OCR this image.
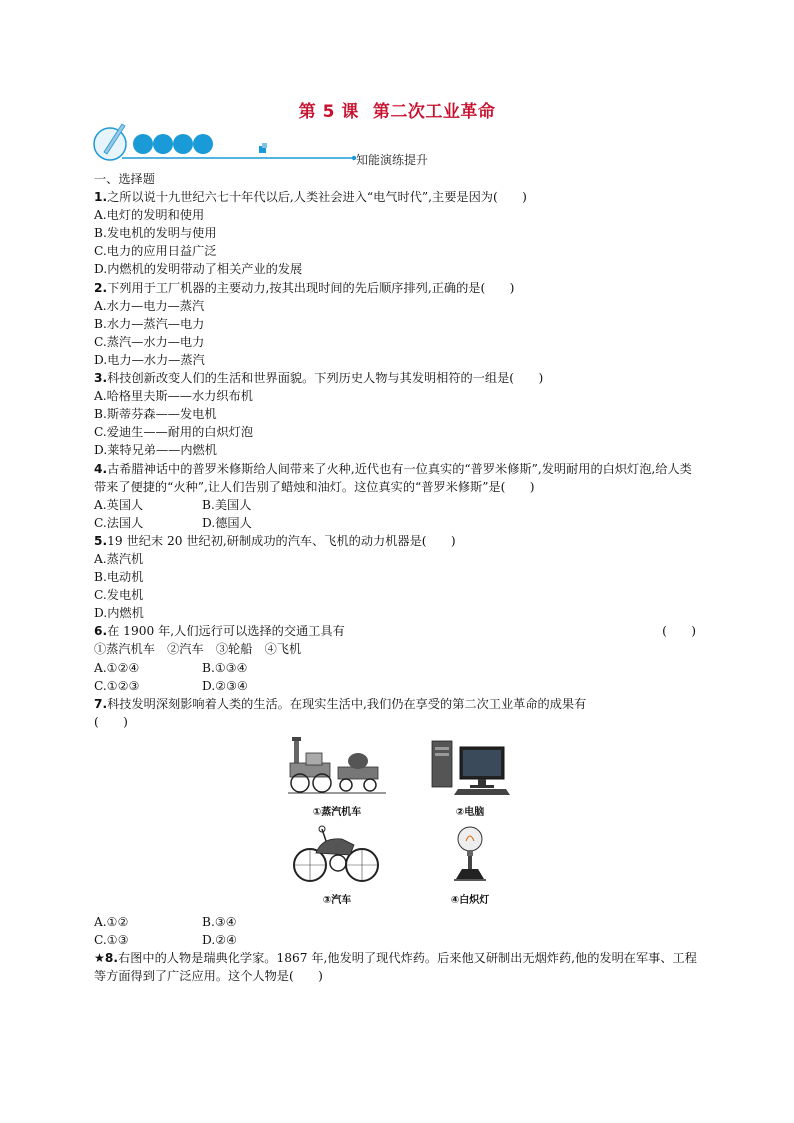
第 5 课 第二次工业革命
知能演练提升
一、选择题
1.之所以说十九世纪六七十年代以后,人类社会进入“电气时代”,主要是因为(　　)
A.电灯的发明和使用
B.发电机的发明与使用
C.电力的应用日益广泛
D.内燃机的发明带动了相关产业的发展
2.下列用于工厂机器的主要动力,按其出现时间的先后顺序排列,正确的是(　　)
A.水力—电力—蒸汽
B.水力—蒸汽—电力
C.蒸汽—水力—电力
D.电力—水力—蒸汽
3.科技创新改变人们的生活和世界面貌。下列历史人物与其发明相符的一组是(　　)
A.哈格里夫斯——水力织布机
B.斯蒂芬森——发电机
C.爱迪生——耐用的白炽灯泡
D.莱特兄弟——内燃机
4.古希腊神话中的普罗米修斯给人间带来了火种,近代也有一位真实的“普罗米修斯”,发明耐用的白炽灯泡,给人类带来了便捷的“火种”,让人们告别了蜡烛和油灯。这位真实的“普罗米修斯”是(　　)
A.英国人	B.美国人
C.法国人	D.德国人
5.19 世纪末 20 世纪初,研制成功的汽车、飞机的动力机器是(　　)
A.蒸汽机
B.电动机
C.发电机
D.内燃机
6.在 1900 年,人们远行可以选择的交通工具有	(　　)
①蒸汽机车　②汽车　③轮船　④飞机
A.①②④	B.①③④
C.①②③	D.②③④
7.科技发明深刻影响着人类的生活。在现实生活中,我们仍在享受的第二次工业革命的成果有
(　　)
①蒸汽机车	②电脑
③汽车	④白炽灯
A.①②	B.③④
C.①③	D.②④
★8.右图中的人物是瑞典化学家。1867 年,他发明了现代炸药。后来他又研制出无烟炸药,他的发明在军事、工程等方面得到了广泛应用。这个人物是(　　)
